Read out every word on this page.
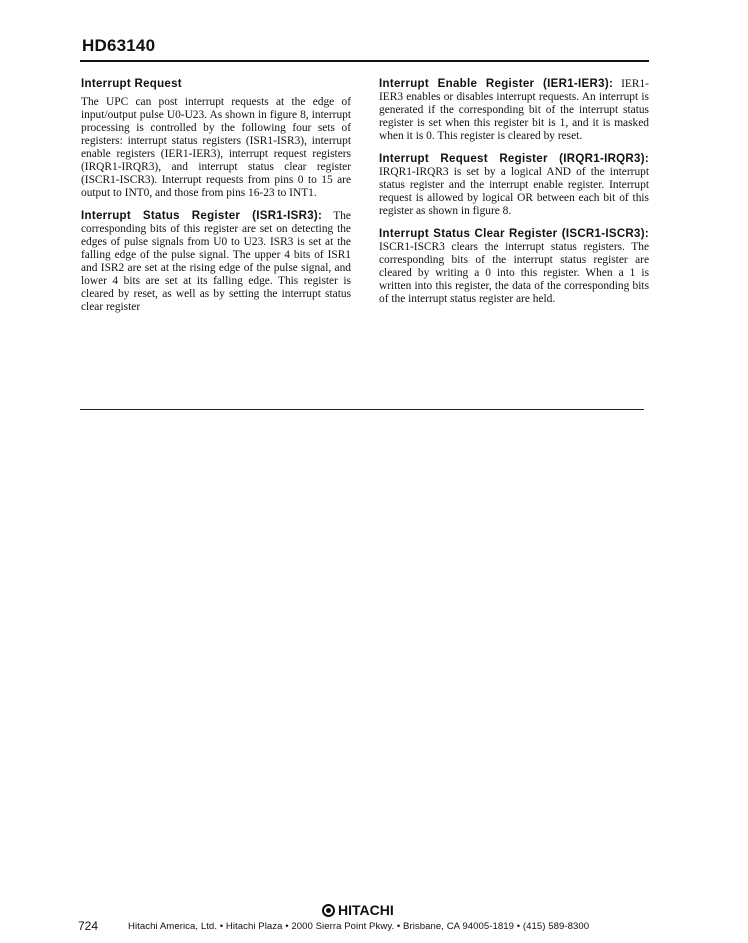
HD63140
Interrupt Request

The UPC can post interrupt requests at the edge of input/output pulse U0-U23. As shown in figure 8, interrupt processing is controlled by the following four sets of registers: interrupt status registers (ISR1-ISR3), interrupt enable registers (IER1-IER3), interrupt request registers (IRQR1-IRQR3), and interrupt status clear register (ISCR1-ISCR3). Interrupt requests from pins 0 to 15 are output to INT0, and those from pins 16-23 to INT1.

Interrupt Status Register (ISR1-ISR3): The corresponding bits of this register are set on detecting the edges of pulse signals from U0 to U23. ISR3 is set at the falling edge of the pulse signal. The upper 4 bits of ISR1 and ISR2 are set at the rising edge of the pulse signal, and lower 4 bits are set at its falling edge. This register is cleared by reset, as well as by setting the interrupt status clear register

Interrupt Enable Register (IER1-IER3): IER1-IER3 enables or disables interrupt requests. An interrupt is generated if the corresponding bit of the interrupt status register is set when this register bit is 1, and it is masked when it is 0. This register is cleared by reset.

Interrupt Request Register (IRQR1-IRQR3): IRQR1-IRQR3 is set by a logical AND of the interrupt status register and the interrupt enable register. Interrupt request is allowed by logical OR between each bit of this register as shown in figure 8.

Interrupt Status Clear Register (ISCR1-ISCR3): ISCR1-ISCR3 clears the interrupt status registers. The corresponding bits of the interrupt status register are cleared by writing a 0 into this register. When a 1 is written into this register, the data of the corresponding bits of the interrupt status register are held.

HITACHI
724	Hitachi America, Ltd. • Hitachi Plaza • 2000 Sierra Point Pkwy. • Brisbane, CA 94005-1819 • (415) 589-8300
